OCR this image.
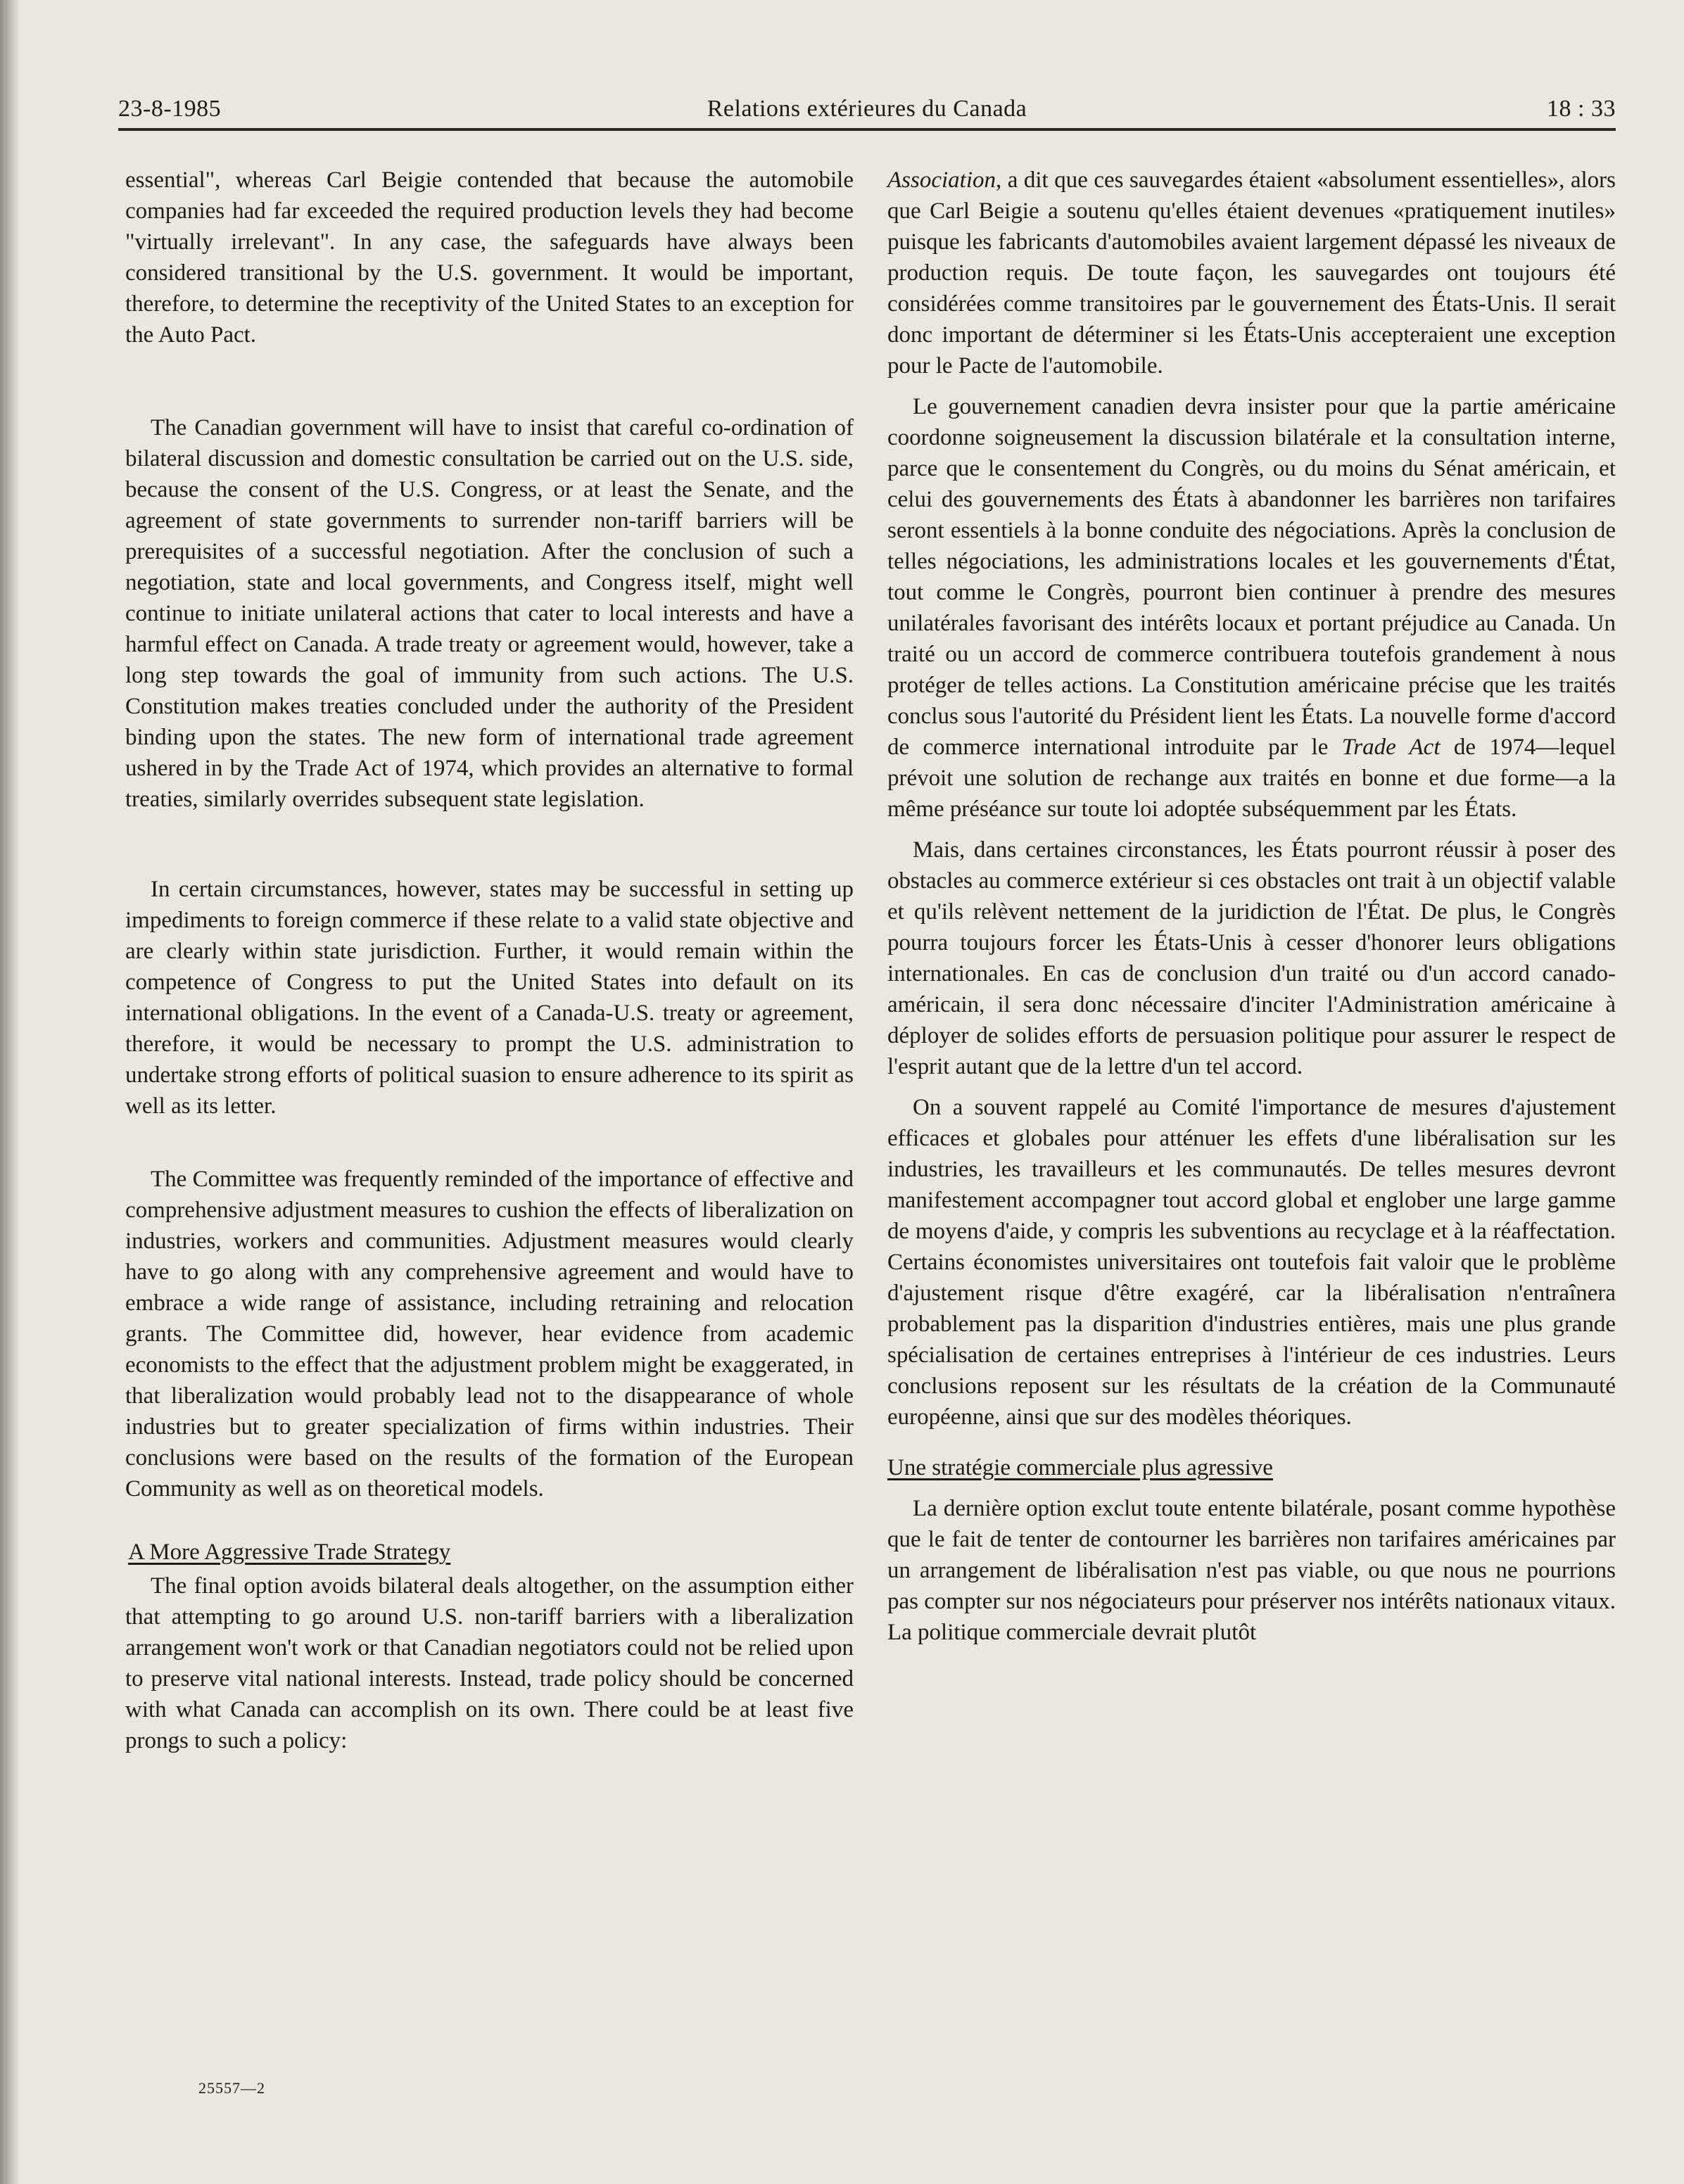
23-8-1985	Relations extérieures du Canada	18 : 33

essential", whereas Carl Beigie contended that because the automobile companies had far exceeded the required production levels they had become "virtually irrelevant". In any case, the safeguards have always been considered transitional by the U.S. government. It would be important, therefore, to determine the receptivity of the United States to an exception for the Auto Pact.

The Canadian government will have to insist that careful co-ordination of bilateral discussion and domestic consultation be carried out on the U.S. side, because the consent of the U.S. Congress, or at least the Senate, and the agreement of state governments to surrender non-tariff barriers will be prerequisites of a successful negotiation. After the conclusion of such a negotiation, state and local governments, and Congress itself, might well continue to initiate unilateral actions that cater to local interests and have a harmful effect on Canada. A trade treaty or agreement would, however, take a long step towards the goal of immunity from such actions. The U.S. Constitution makes treaties concluded under the authority of the President binding upon the states. The new form of international trade agreement ushered in by the Trade Act of 1974, which provides an alternative to formal treaties, similarly overrides subsequent state legislation.

In certain circumstances, however, states may be successful in setting up impediments to foreign commerce if these relate to a valid state objective and are clearly within state jurisdiction. Further, it would remain within the competence of Congress to put the United States into default on its international obligations. In the event of a Canada-U.S. treaty or agreement, therefore, it would be necessary to prompt the U.S. administration to undertake strong efforts of political suasion to ensure adherence to its spirit as well as its letter.

The Committee was frequently reminded of the importance of effective and comprehensive adjustment measures to cushion the effects of liberalization on industries, workers and communities. Adjustment measures would clearly have to go along with any comprehensive agreement and would have to embrace a wide range of assistance, including retraining and relocation grants. The Committee did, however, hear evidence from academic economists to the effect that the adjustment problem might be exaggerated, in that liberalization would probably lead not to the disappearance of whole industries but to greater specialization of firms within industries. Their conclusions were based on the results of the formation of the European Community as well as on theoretical models.

A More Aggressive Trade Strategy

The final option avoids bilateral deals altogether, on the assumption either that attempting to go around U.S. non-tariff barriers with a liberalization arrangement won't work or that Canadian negotiators could not be relied upon to preserve vital national interests. Instead, trade policy should be concerned with what Canada can accomplish on its own. There could be at least five prongs to such a policy:

Association, a dit que ces sauvegardes étaient «absolument essentielles», alors que Carl Beigie a soutenu qu'elles étaient devenues «pratiquement inutiles» puisque les fabricants d'automobiles avaient largement dépassé les niveaux de production requis. De toute façon, les sauvegardes ont toujours été considérées comme transitoires par le gouvernement des États-Unis. Il serait donc important de déterminer si les États-Unis accepteraient une exception pour le Pacte de l'automobile.

Le gouvernement canadien devra insister pour que la partie américaine coordonne soigneusement la discussion bilatérale et la consultation interne, parce que le consentement du Congrès, ou du moins du Sénat américain, et celui des gouvernements des États à abandonner les barrières non tarifaires seront essentiels à la bonne conduite des négociations. Après la conclusion de telles négociations, les administrations locales et les gouvernements d'État, tout comme le Congrès, pourront bien continuer à prendre des mesures unilatérales favorisant des intérêts locaux et portant préjudice au Canada. Un traité ou un accord de commerce contribuera toutefois grandement à nous protéger de telles actions. La Constitution américaine précise que les traités conclus sous l'autorité du Président lient les États. La nouvelle forme d'accord de commerce international introduite par le Trade Act de 1974—lequel prévoit une solution de rechange aux traités en bonne et due forme—a la même préséance sur toute loi adoptée subséquemment par les États.

Mais, dans certaines circonstances, les États pourront réussir à poser des obstacles au commerce extérieur si ces obstacles ont trait à un objectif valable et qu'ils relèvent nettement de la juridiction de l'État. De plus, le Congrès pourra toujours forcer les États-Unis à cesser d'honorer leurs obligations internationales. En cas de conclusion d'un traité ou d'un accord canado-américain, il sera donc nécessaire d'inciter l'Administration américaine à déployer de solides efforts de persuasion politique pour assurer le respect de l'esprit autant que de la lettre d'un tel accord.

On a souvent rappelé au Comité l'importance de mesures d'ajustement efficaces et globales pour atténuer les effets d'une libéralisation sur les industries, les travailleurs et les communautés. De telles mesures devront manifestement accompagner tout accord global et englober une large gamme de moyens d'aide, y compris les subventions au recyclage et à la réaffectation. Certains économistes universitaires ont toutefois fait valoir que le problème d'ajustement risque d'être exagéré, car la libéralisation n'entraînera probablement pas la disparition d'industries entières, mais une plus grande spécialisation de certaines entreprises à l'intérieur de ces industries. Leurs conclusions reposent sur les résultats de la création de la Communauté européenne, ainsi que sur des modèles théoriques.

Une stratégie commerciale plus agressive

La dernière option exclut toute entente bilatérale, posant comme hypothèse que le fait de tenter de contourner les barrières non tarifaires américaines par un arrangement de libéralisation n'est pas viable, ou que nous ne pourrions pas compter sur nos négociateurs pour préserver nos intérêts nationaux vitaux. La politique commerciale devrait plutôt

25557—2
